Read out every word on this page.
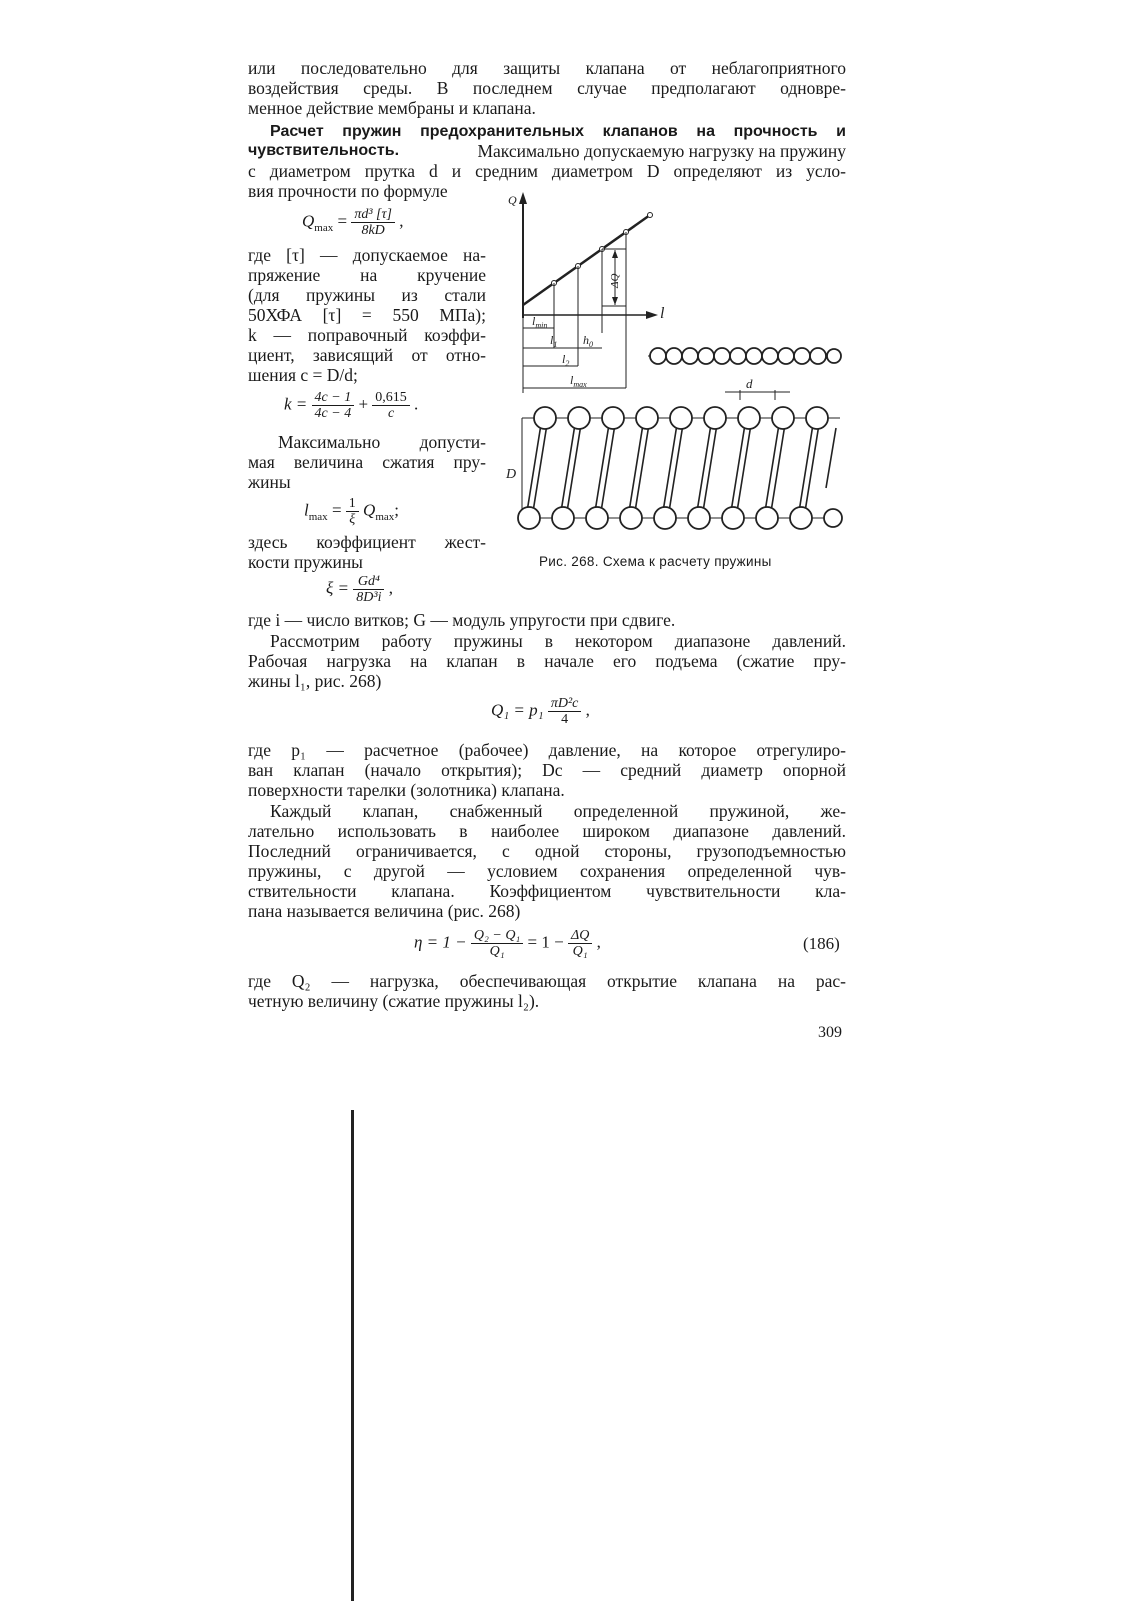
или последовательно для защиты клапана от неблагоприятного
воздействия среды. В последнем случае предполагают одновре-
менное действие мембраны и клапана.
Расчет пружин предохранительных клапанов на прочность и
чувствительность.	Максимально допускаемую нагрузку на пружину
с диаметром прутка d и средним диаметром D определяют из усло-
вия прочности по формуле
$Q_{max} = \frac{\text{πd³ [τ]}}{8kD}$ ,
где [τ] — допускаемое на-
пряжение на кручение
(для пружины из стали
50ХФА [τ] = 550 МПа);
k — поправочный коэффи-
циент, зависящий от отно-
шения c = D/d;
$k = \frac{4c - 1}{4c - 4} + \frac{0,615}{c}$ .
Максимально допусти-
мая величина сжатия пру-
жины
$l_{max} = \frac{1}{\xi} Q_{max}$;
здесь коэффициент жест-
кости пружины
$\xi = \frac{\text{Gd⁴}}{\text{8D³i}}$ ,
Q
l
ΔQ
$l_{min}$
$l_1$ $h_0$
$l_2$
$l_{max}$	d
D
Рис. 268. Схема к расчету пружины
где i — число витков; G — модуль упругости при сдвиге.
Рассмотрим работу пружины в некотором диапазоне давлений.
Рабочая нагрузка на клапан в начале его подъема (сжатие пру-
жины l₁, рис. 268)
$Q_1 = p_1 \frac{\text{πD²c}}{4}$ ,
где p₁ — расчетное (рабочее) давление, на которое отрегулиро-
ван клапан (начало открытия); Dc — средний диаметр опорной
поверхности тарелки (золотника) клапана.
Каждый клапан, снабженный определенной пружиной, же-
лательно использовать в наиболее широком диапазоне давлений.
Последний ограничивается, с одной стороны, грузоподъемностью
пружины, с другой — условием сохранения определенной чув-
ствительности клапана. Коэффициентом чувствительности кла-
пана называется величина (рис. 268)
$\eta = 1 - \frac{\text{Q₂ − Q₁}}{\text{Q₁}} = 1 - \frac{\Delta Q}{\text{Q₁}}$ ,	(186)
где Q₂ — нагрузка, обеспечивающая открытие клапана на рас-
четную величину (сжатие пружины l₂).
309
